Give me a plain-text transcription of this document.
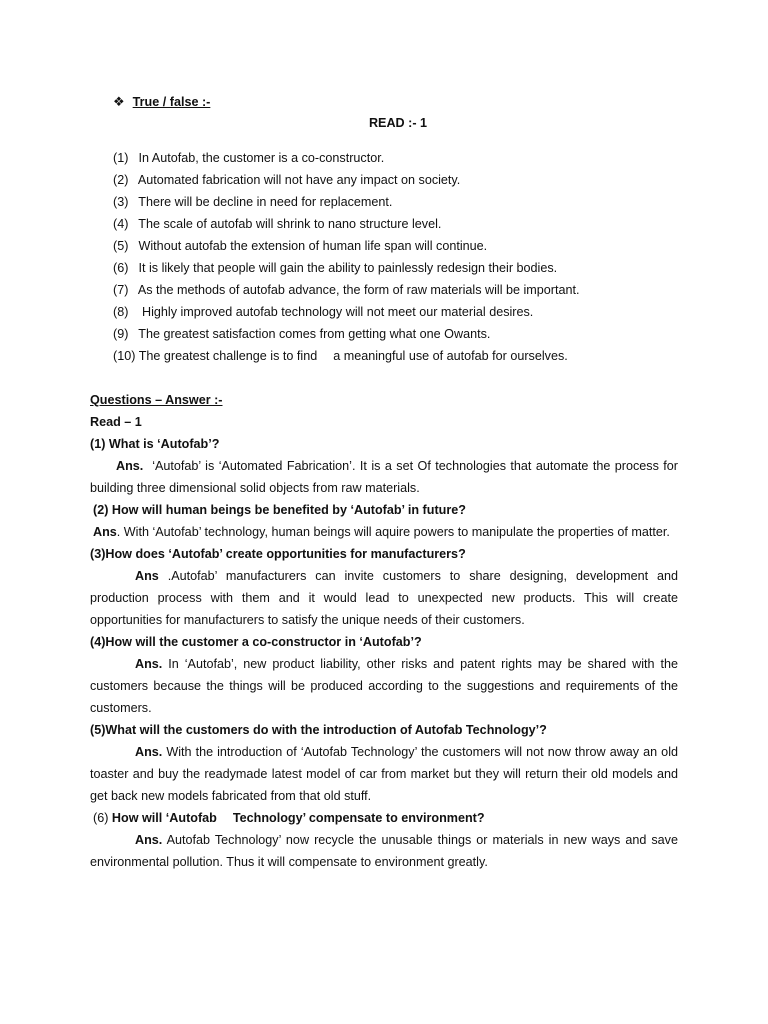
❖ True / false :-
READ :- 1
(1) In Autofab, the customer is a co-constructor.
(2) Automated fabrication will not have any impact on society.
(3) There will be decline in need for replacement.
(4) The scale of autofab will shrink to nano structure level.
(5) Without autofab the extension of human life span will continue.
(6) It is likely that people will gain the ability to painlessly redesign their bodies.
(7) As the methods of autofab advance, the form of raw materials will be important.
(8)  Highly improved autofab technology will not meet our material desires.
(9) The greatest satisfaction comes from getting what one Owants.
(10) The greatest challenge is to find a meaningful use of autofab for ourselves.
Questions – Answer :-
Read – 1
(1) What is ‘Autofab’?

Ans. ‘Autofab’ is ‘Automated Fabrication’. It is a set Of technologies that automate the process for building three dimensional solid objects from raw materials.

(2) How will human beings be benefited by ‘Autofab’ in future?

Ans. With ‘Autofab’ technology, human beings will aquire powers to manipulate the properties of matter.

(3)How does ‘Autofab’ create opportunities for manufacturers?

Ans .Autofab’ manufacturers can invite customers to share designing, development and production process with them and it would lead to unexpected new products. This will create opportunities for manufacturers to satisfy the unique needs of their customers.

(4)How will the customer a co-constructor in ‘Autofab’?

Ans. In ‘Autofab’, new product liability, other risks and patent rights may be shared with the customers because the things will be produced according to the suggestions and requirements of the customers.

(5)What will the customers do with the introduction of Autofab Technology’?

Ans. With the introduction of ‘Autofab Technology’ the customers will not now throw away an old toaster and buy the readymade latest model of car from market but they will return their old models and get back new models fabricated from that old stuff.

(6) How will ‘Autofab Technology’ compensate to environment?

Ans. Autofab Technology’ now recycle the unusable things or materials in new ways and save environmental pollution. Thus it will compensate to environment greatly.
